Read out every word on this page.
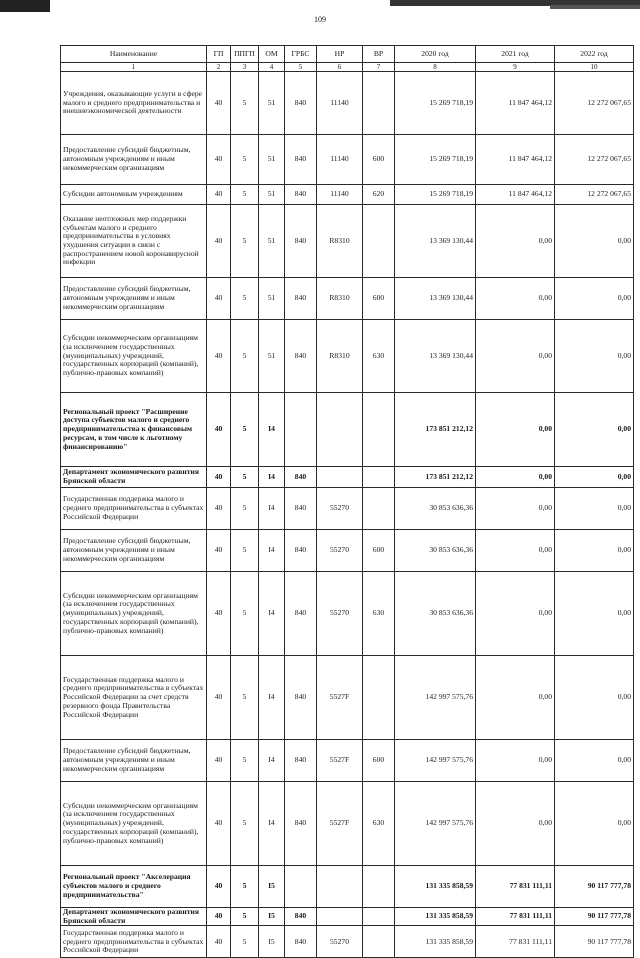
109
Наименование	ГП	ППГП	ОМ	ГРБС	НР	ВР	2020 год	2021 год	2022 год
1	2	3	4	5	6	7	8	9	10
Учреждения, оказывающие услуги в сфере малого и среднего предпринимательства и внешнеэкономической деятельности	40	5	51	840	11140		15 269 718,19	11 847 464,12	12 272 067,65
Предоставление субсидий бюджетным, автономным учреждениям и иным некоммерческим организациям	40	5	51	840	11140	600	15 269 718,19	11 847 464,12	12 272 067,65
Субсидии автономным учреждениям	40	5	51	840	11140	620	15 269 718,19	11 847 464,12	12 272 067,65
Оказание неотложных мер поддержки субъектам малого и среднего предпринимательства в условиях ухудшения ситуации в связи с распространением новой коронавирусной инфекции	40	5	51	840	R8310		13 369 130,44	0,00	0,00
Предоставление субсидий бюджетным, автономным учреждениям и иным некоммерческим организациям	40	5	51	840	R8310	600	13 369 130,44	0,00	0,00
Субсидии некоммерческим организациям (за исключением государственных (муниципальных) учреждений, государственных корпораций (компаний), публично-правовых компаний)	40	5	51	840	R8310	630	13 369 130,44	0,00	0,00
Региональный проект "Расширение доступа субъектов малого и среднего предпринимательства к финансовым ресурсам, в том числе к льготному финансированию"	40	5	I4				173 851 212,12	0,00	0,00
Департамент экономического развития Брянской области	40	5	I4	840			173 851 212,12	0,00	0,00
Государственная поддержка малого и среднего предпринимательства в субъектах Российской Федерации	40	5	I4	840	55270		30 853 636,36	0,00	0,00
Предоставление субсидий бюджетным, автономным учреждениям и иным некоммерческим организациям	40	5	I4	840	55270	600	30 853 636,36	0,00	0,00
Субсидии некоммерческим организациям (за исключением государственных (муниципальных) учреждений, государственных корпораций (компаний), публично-правовых компаний)	40	5	I4	840	55270	630	30 853 636,36	0,00	0,00
Государственная поддержка малого и среднего предпринимательства в субъектах Российской Федерации за счет средств резервного фонда Правительства Российской Федерации	40	5	I4	840	5527F		142 997 575,76	0,00	0,00
Предоставление субсидий бюджетным, автономным учреждениям и иным некоммерческим организациям	40	5	I4	840	5527F	600	142 997 575,76	0,00	0,00
Субсидии некоммерческим организациям (за исключением государственных (муниципальных) учреждений, государственных корпораций (компаний), публично-правовых компаний)	40	5	I4	840	5527F	630	142 997 575,76	0,00	0,00
Региональный проект "Акселерация субъектов малого и среднего предпринимательства"	40	5	I5				131 335 858,59	77 831 111,11	90 117 777,78
Департамент экономического развития Брянской области	40	5	I5	840			131 335 858,59	77 831 111,11	90 117 777,78
Государственная поддержка малого и среднего предпринимательства в субъектах Российской Федерации	40	5	I5	840	55270		131 335 858,59	77 831 111,11	90 117 777,78
